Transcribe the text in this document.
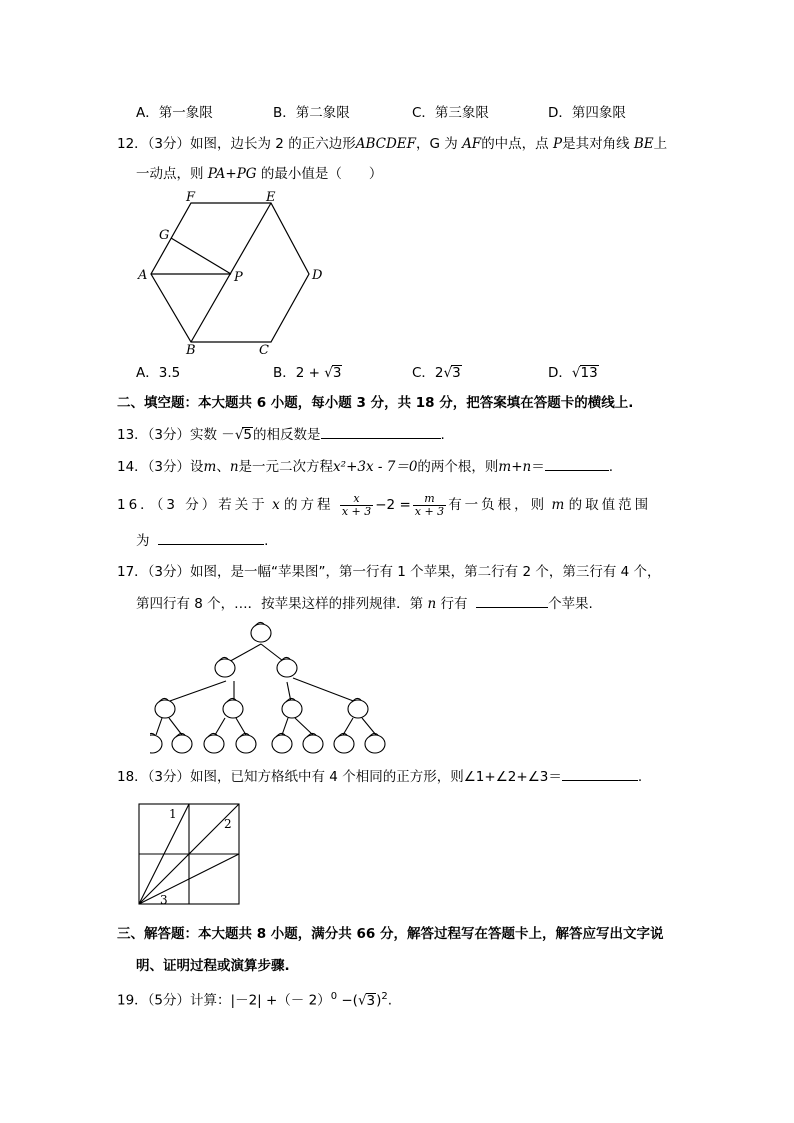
A．第一象限	B．第二象限	C．第三象限	D．第四象限
12．（3分）如图，边长为 2 的正六边形ABCDEF，G 为 AF的中点，点 P是其对角线 BE上
一动点，则 PA+PG 的最小值是（　　）
F	E
G
A	P	D
B	C
A．3.5	B．2 + √3	C．2√3	D．√13
二、填空题：本大题共 6 小题，每小题 3 分，共 18 分，把答案填在答题卡的横线上.
13．（3分）实数 －√5的相反数是	.
14．（3分）设m、n是一元二次方程x²+3x - 7＝0的两个根，则m+n＝	.
16．（3 分）若关于 x 的方程 $\frac{x}{x + 3} -2 = \frac{m}{x + 3}$ 有一负根，则 m 的取值范围
为	.
17．（3分）如图，是一幅“苹果图”，第一行有 1 个苹果，第二行有 2 个，第三行有 4 个，
第四行有 8 个，…．按苹果这样的排列规律．第 n 行有	个苹果.
18．（3分）如图，已知方格纸中有 4 个相同的正方形，则∠1+∠2+∠3＝	.
1
2
3
三、解答题：本大题共 8 小题，满分共 66 分，解答过程写在答题卡上，解答应写出文字说
明、证明过程或演算步骤.
19．（5分）计算：|－2| +（－ $2)^0 -(√3)^2$.
